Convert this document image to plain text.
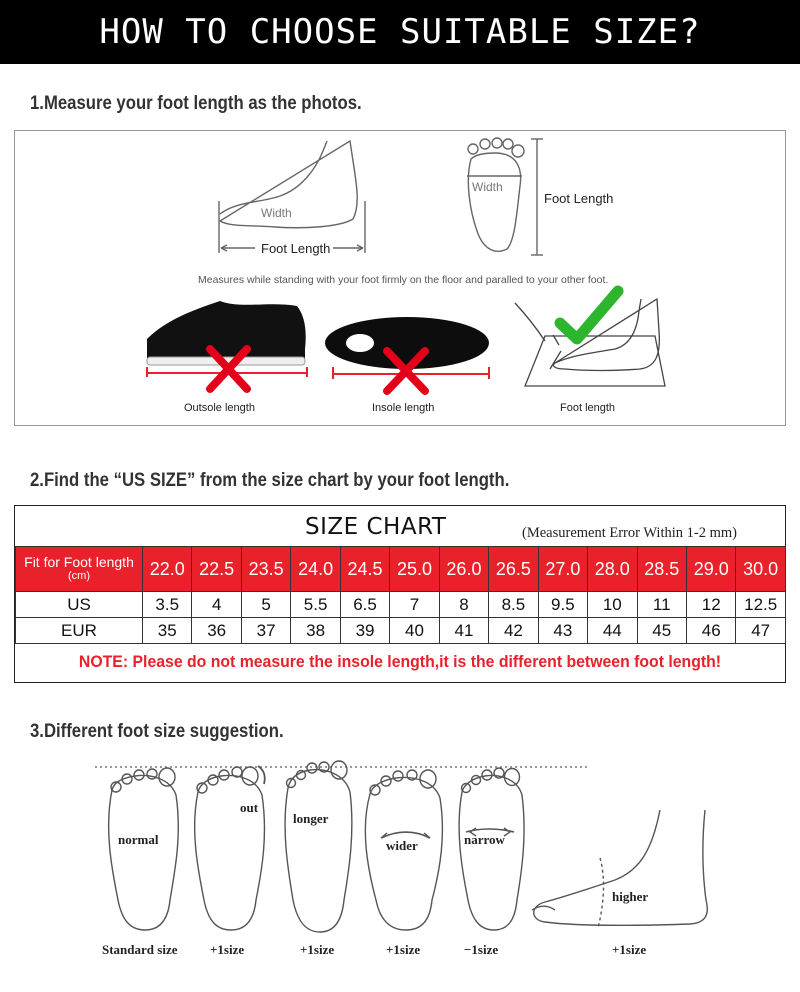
HOW TO CHOOSE SUITABLE SIZE?
1.Measure your foot length as the photos.
Width
Foot Length
Width
Foot Length
Measures while standing with your foot firmly on the floor and paralled to your other foot.
Outsole length	Insole length	Foot length
2.Find the “US SIZE” from the size chart by your foot length.
SIZE CHART	(Measurement Error Within 1-2 mm)
Fit for Foot length
(cm)	22.0	22.5	23.5	24.0	24.5	25.0	26.0	26.5	27.0	28.0	28.5	29.0	30.0
US	3.5	4	5	5.5	6.5	7	8	8.5	9.5	10	11	12	12.5
EUR	35	36	37	38	39	40	41	42	43	44	45	46	47
NOTE: Please do not measure the insole length,it is the different between foot length!
3.Different foot size suggestion.
normal
Standard size
out
+1size
longer
+1size
wider
+1size
narrow
−1size
higher
+1size
